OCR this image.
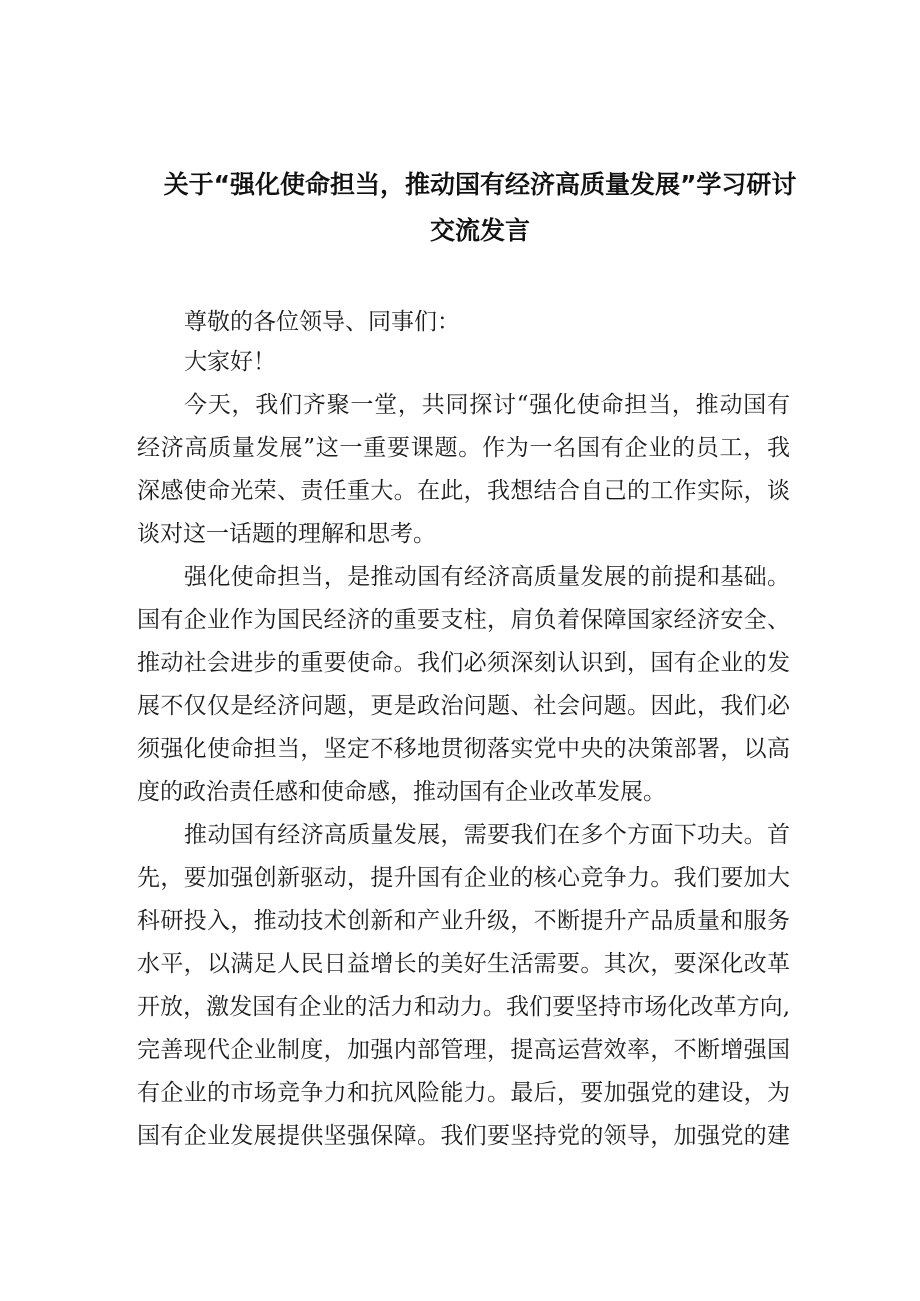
关于“强化使命担当，推动国有经济高质量发展”学习研讨
交流发言
尊敬的各位领导、同事们：
大家好！
今天，我们齐聚一堂，共同探讨“强化使命担当，推动国有
经济高质量发展”这一重要课题。作为一名国有企业的员工，我
深感使命光荣、责任重大。在此，我想结合自己的工作实际，谈
谈对这一话题的理解和思考。
强化使命担当，是推动国有经济高质量发展的前提和基础。
国有企业作为国民经济的重要支柱，肩负着保障国家经济安全、
推动社会进步的重要使命。我们必须深刻认识到，国有企业的发
展不仅仅是经济问题，更是政治问题、社会问题。因此，我们必
须强化使命担当，坚定不移地贯彻落实党中央的决策部署，以高
度的政治责任感和使命感，推动国有企业改革发展。
推动国有经济高质量发展，需要我们在多个方面下功夫。首
先，要加强创新驱动，提升国有企业的核心竞争力。我们要加大
科研投入，推动技术创新和产业升级，不断提升产品质量和服务
水平，以满足人民日益增长的美好生活需要。其次，要深化改革
开放，激发国有企业的活力和动力。我们要坚持市场化改革方向,
完善现代企业制度，加强内部管理，提高运营效率，不断增强国
有企业的市场竞争力和抗风险能力。最后，要加强党的建设，为
国有企业发展提供坚强保障。我们要坚持党的领导，加强党的建
